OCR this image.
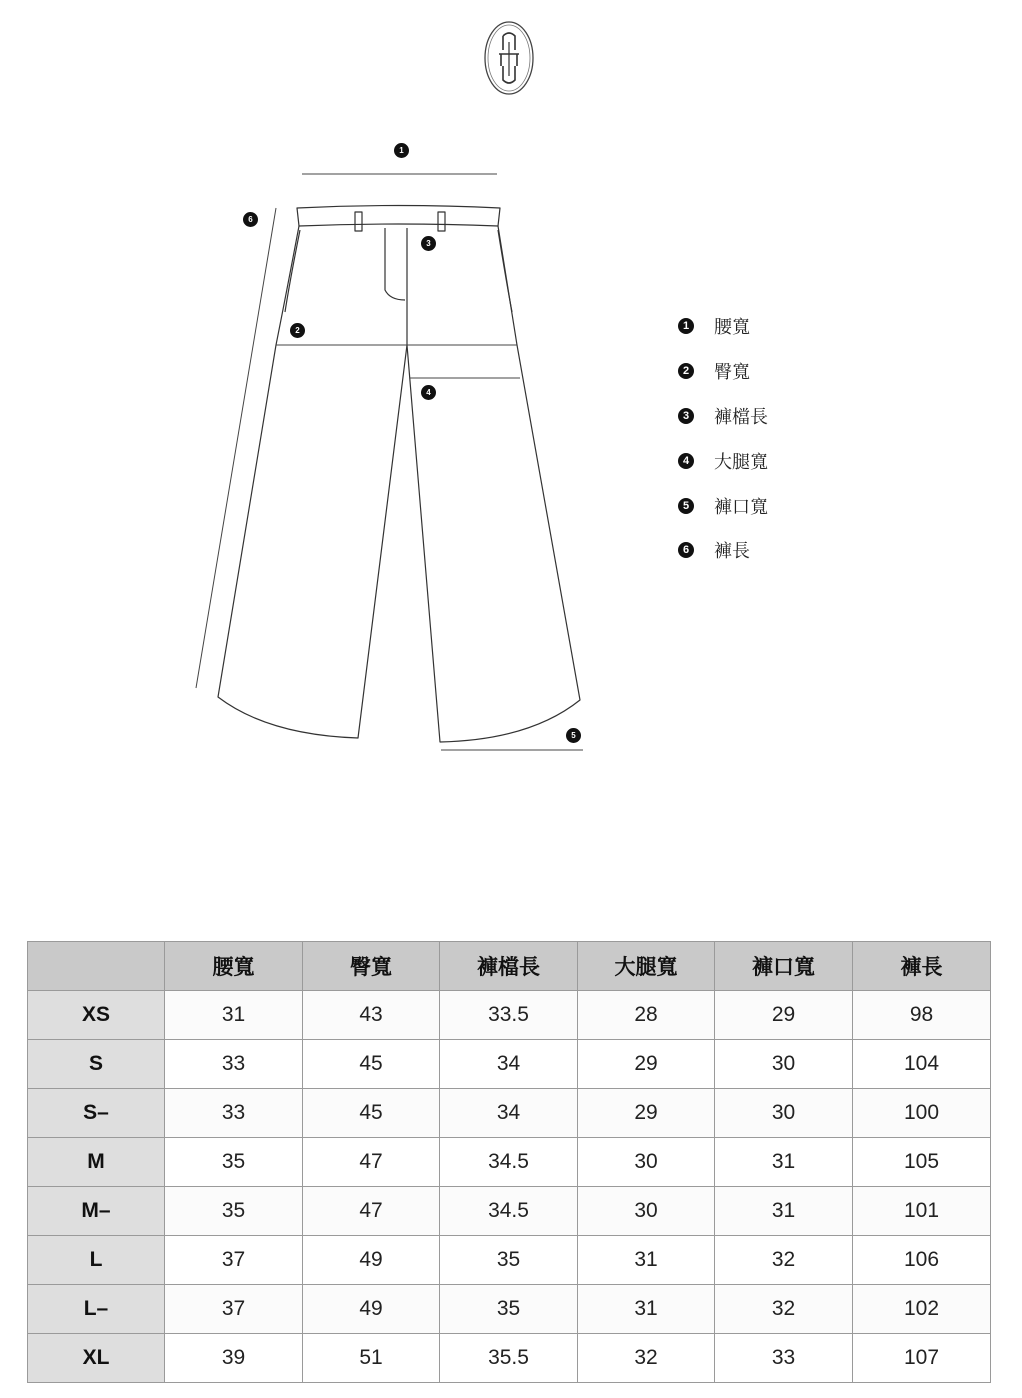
1
6
3
2
4
5
1 腰寬
2 臀寬
3 褲檔長
4 大腿寬
5 褲口寬
6 褲長
	腰寬	臀寬	褲檔長	大腿寬	褲口寬	褲長
XS	31	43	33.5	28	29	98
S	33	45	34	29	30	104
S–	33	45	34	29	30	100
M	35	47	34.5	30	31	105
M–	35	47	34.5	30	31	101
L	37	49	35	31	32	106
L–	37	49	35	31	32	102
XL	39	51	35.5	32	33	107
